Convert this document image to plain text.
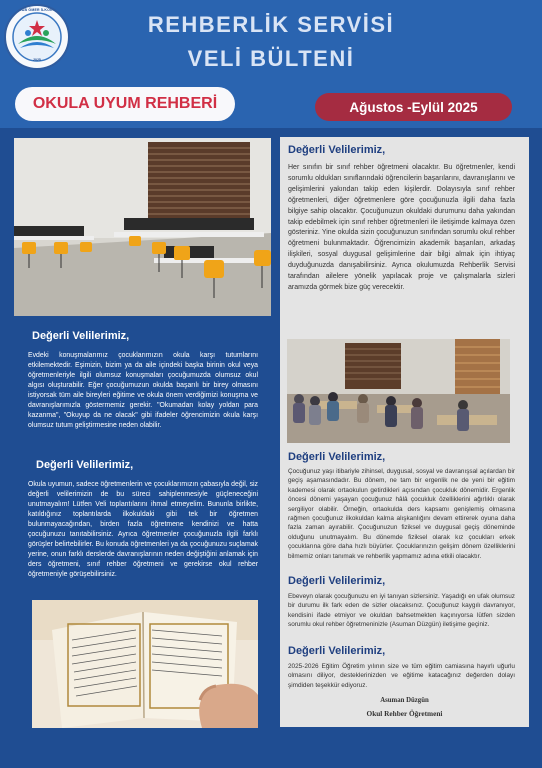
MUSAB ÖMER İLKOKULU
2025
REHBERLİK SERVİSİ
VELİ BÜLTENİ
OKULA UYUM REHBERİ	Ağustos -Eylül 2025
Değerli Velilerimiz,

Evdeki konuşmalarımız çocuklarımızın okula karşı tutumlarını etkilemektedir. Eşimizin, bizim ya da aile içindeki başka birinin okul veya öğretmenleriyle ilgili olumsuz konuşmaları çocuğumuzda olumsuz okul algısı oluşturabilir. Eğer çocuğumuzun okulda başarılı bir birey olmasını istiyorsak tüm aile bireyleri eğitime ve okula önem verdiğimizi konuşma ve davranışlarımızla göstermemiz gerekir. "Okumadan kolay yoldan para kazanma", "Okuyup da ne olacak" gibi ifadeler öğrencimizin okula karşı olumsuz tutum geliştirmesine neden olabilir.

Değerli Velilerimiz,

Okula uyumun, sadece öğretmenlerin ve çocuklarımızın çabasıyla değil, siz değerli velilerimizin de bu süreci sahiplenmesiyle güçleneceğini unutmayalım! Lütfen Veli toplantılarını ihmal etmeyelim. Bununla birlikte, katıldığınız toplantılarda ilkokuldaki gibi tek bir öğretmen bulunmayacağından, birden fazla öğretmene kendinizi ve hatta çocuğunuzu tanıtabilirsiniz. Ayrıca öğretmenler çocuğunuzla ilgili farklı görüşler belirtebilirler. Bu konuda öğretmenleri ya da çocuğunuzu suçlamak yerine, onun farklı derslerde davranışlarının neden değiştiğini anlamak için ders öğretmeni, sınıf rehber öğretmeni ve gerekirse okul rehber öğretmeniyle görüşebilirsiniz.

Değerli Velilerimiz,

Her sınıfın bir sınıf rehber öğretmeni olacaktır. Bu öğretmenler, kendi sorumlu oldukları sınıflarındaki öğrencilerin başarılarını, davranışlarını ve gelişimlerini yakından takip eden kişilerdir. Dolayısıyla sınıf rehber öğretmenleri, diğer öğretmenlere göre çocuğunuzla ilgili daha fazla bilgiye sahip olacaktır. Çocuğunuzun okuldaki durumunu daha yakından takip edebilmek için sınıf rehber öğretmenleri ile iletişimde kalmaya özen gösteriniz. Yine okulda sizin çocuğunuzun sınıfından sorumlu okul rehber öğretmeni bulunmaktadır. Öğrencimizin akademik başarıları, arkadaş ilişkileri, sosyal duygusal gelişimlerine dair bilgi almak için ihtiyaç duyduğunuzda danışabilirsiniz. Ayrıca okulumuzda Rehberlik Servisi tarafından ailelere yönelik yapılacak proje ve çalışmalarla sizleri aramızda görmek bize güç verecektir.

Değerli Velilerimiz,

Çocuğunuz yaşı itibariyle zihinsel, duygusal, sosyal ve davranışsal açılardan bir geçiş aşamasındadır. Bu dönem, ne tam bir ergenlik ne de yeni bir eğitim kademesi olarak ortaokulun getirdikleri açısından çocukluk dönemidir. Ergenlik öncesi dönemi yaşayan çocuğunuz hâlâ çocukluk özelliklerini ağırlıklı olarak sergiliyor olabilir. Örneğin, ortaokulda ders kapsamı genişlemiş olmasına rağmen çocuğunuz ilkokuldan kalma alışkanlığını devam ettirerek oyuna daha fazla zaman ayırabilir. Çocuğunuzun fiziksel ve duygusal geçiş döneminde olduğunu unutmayalım. Bu dönemde fiziksel olarak kız çocukları erkek çocuklarına göre daha hızlı büyürler. Çocuklarınızın gelişim dönem özelliklerini bilmemiz onları tanımak ve rehberlik yapmamız adına etkili olacaktır.

Değerli Velilerimiz,

Ebeveyn olarak çocuğunuzu en iyi tanıyan sizlersiniz. Yaşadığı en ufak olumsuz bir durumu ilk fark eden de sizler olacaksınız. Çocuğunuz kaygılı davranıyor, kendisini ifade etmiyor ve okuldan bahsetmekten kaçınıyorsa lütfen sizden sorumlu okul rehber öğretmeninizle (Asuman Düzgün) iletişime geçiniz.

Değerli Velilerimiz,

2025-2026 Eğitim Öğretim yılının size ve tüm eğitim camiasına hayırlı uğurlu olmasını diliyor, desteklerinizden ve eğitime katacağınız değerden dolayı şimdiden teşekkür ediyoruz.

Asuman Düzgün
Okul Rehber Öğretmeni
